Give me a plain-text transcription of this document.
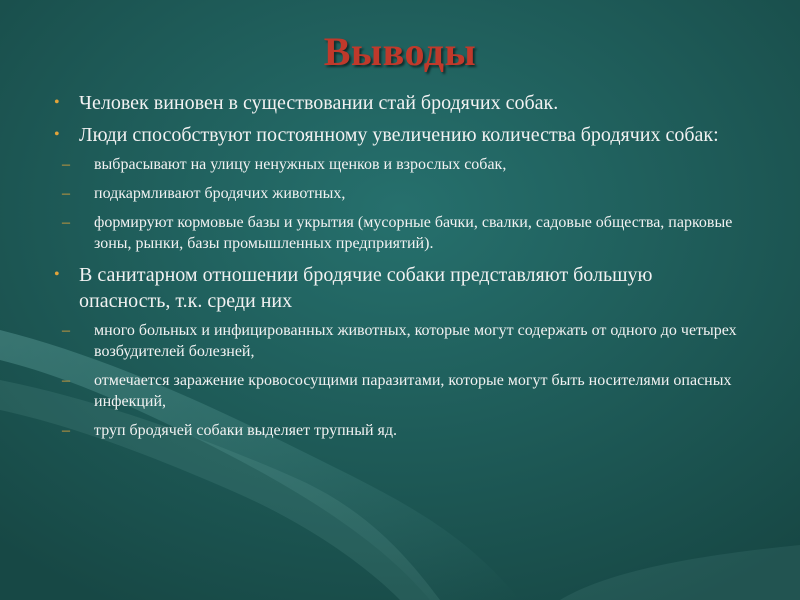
Выводы
• Человек виновен в существовании стай бродячих собак.
• Люди способствуют постоянному увеличению количества бродячих собак:
– выбрасывают на улицу ненужных щенков и взрослых собак,
– подкармливают бродячих животных,
– формируют кормовые базы и укрытия (мусорные бачки, свалки, садовые общества, парковые зоны, рынки, базы промышленных предприятий).
• В санитарном отношении бродячие собаки представляют большую опасность, т.к. среди них
– много больных и инфицированных животных, которые могут содержать от одного до четырех возбудителей болезней,
– отмечается заражение кровососущими паразитами, которые могут быть носителями опасных инфекций,
– труп бродячей собаки выделяет трупный яд.
